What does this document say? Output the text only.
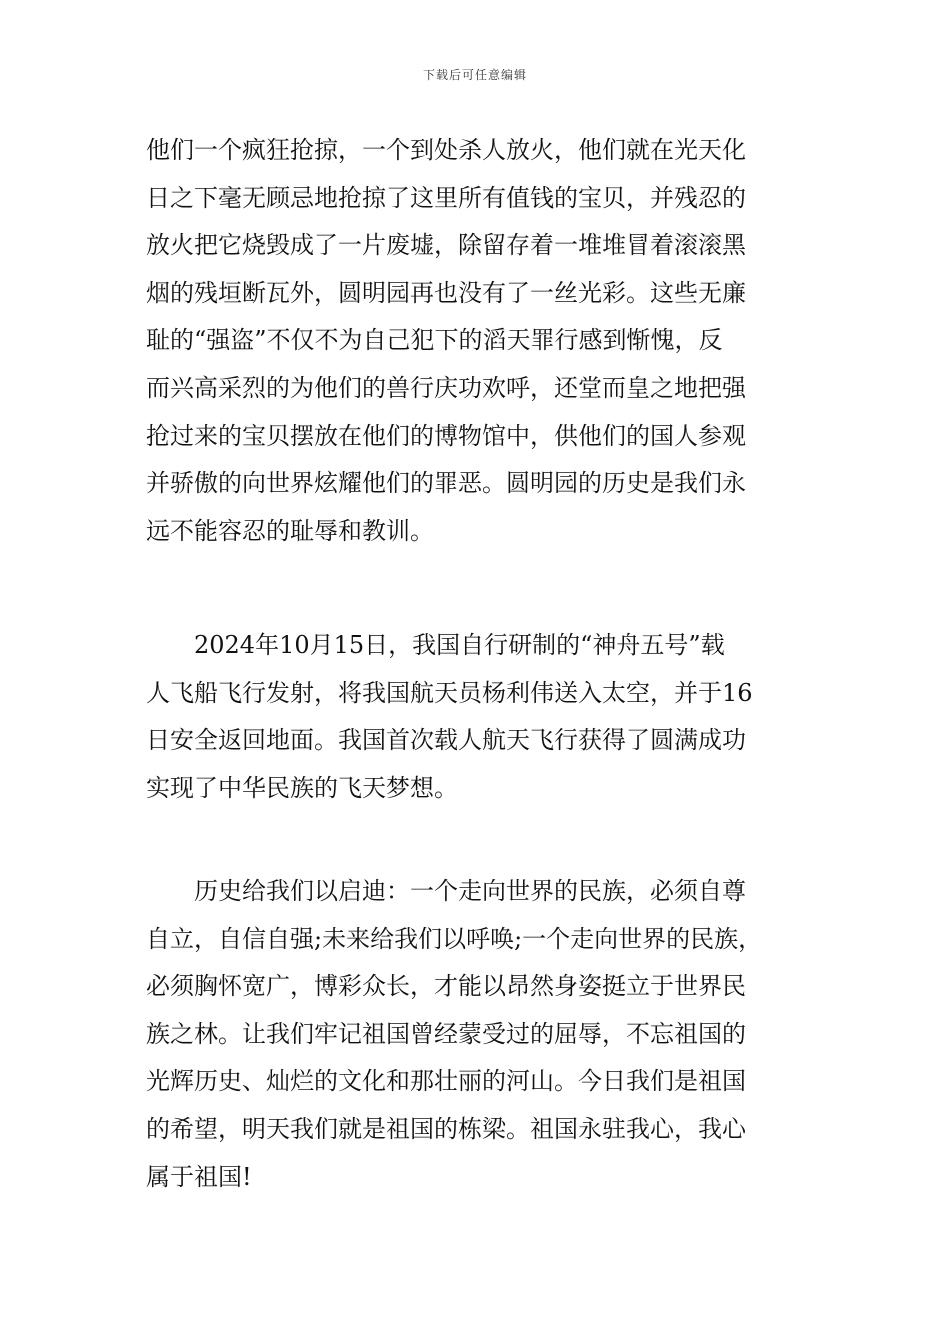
下载后可任意编辑
他们一个疯狂抢掠，一个到处杀人放火，他们就在光天化
日之下毫无顾忌地抢掠了这里所有值钱的宝贝，并残忍的
放火把它烧毁成了一片废墟，除留存着一堆堆冒着滚滚黑
烟的残垣断瓦外，圆明园再也没有了一丝光彩。这些无廉
耻的“强盗”不仅不为自己犯下的滔天罪行感到惭愧，反
而兴高采烈的为他们的兽行庆功欢呼，还堂而皇之地把强
抢过来的宝贝摆放在他们的博物馆中，供他们的国人参观
并骄傲的向世界炫耀他们的罪恶。圆明园的历史是我们永
远不能容忍的耻辱和教训。
　　2024年10月15日，我国自行研制的“神舟五号”载
人飞船飞行发射，将我国航天员杨利伟送入太空，并于16
日安全返回地面。我国首次载人航天飞行获得了圆满成功
实现了中华民族的飞天梦想。
　　历史给我们以启迪：一个走向世界的民族，必须自尊
自立，自信自强;未来给我们以呼唤;一个走向世界的民族，
必须胸怀宽广，博彩众长，才能以昂然身姿挺立于世界民
族之林。让我们牢记祖国曾经蒙受过的屈辱，不忘祖国的
光辉历史、灿烂的文化和那壮丽的河山。今日我们是祖国
的希望，明天我们就是祖国的栋梁。祖国永驻我心，我心
属于祖国!
